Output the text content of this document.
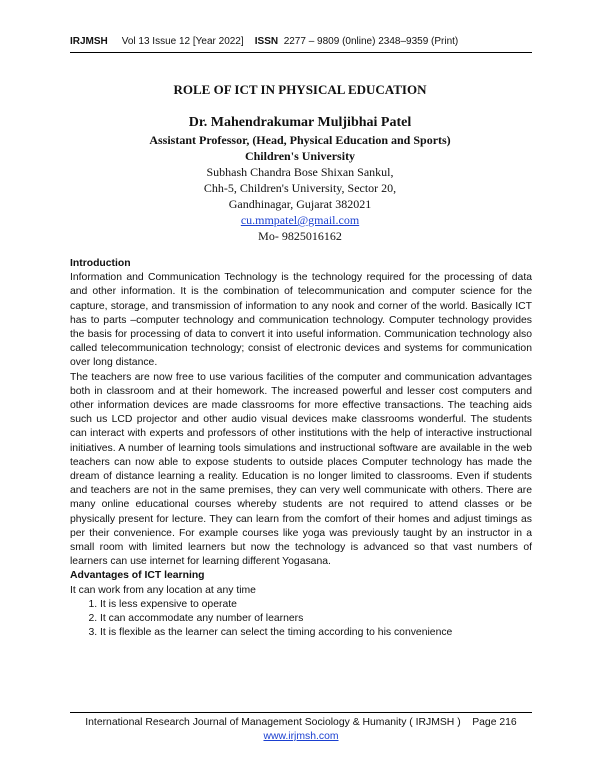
IRJMSH Vol 13 Issue 12 [Year 2022] ISSN 2277 – 9809 (0nline) 2348–9359 (Print)
ROLE OF ICT IN PHYSICAL EDUCATION
Dr. Mahendrakumar Muljibhai Patel
Assistant Professor, (Head, Physical Education and Sports)
Children's University
Subhash Chandra Bose Shixan Sankul,
Chh-5, Children's University, Sector 20,
Gandhinagar, Gujarat 382021
cu.mmpatel@gmail.com
Mo- 9825016162
Introduction

Information and Communication Technology is the technology required for the processing of data and other information. It is the combination of telecommunication and computer science for the capture, storage, and transmission of information to any nook and corner of the world. Basically ICT has to parts –computer technology and communication technology. Computer technology provides the basis for processing of data to convert it into useful information. Communication technology also called telecommunication technology; consist of electronic devices and systems for communication over long distance.

The teachers are now free to use various facilities of the computer and communication advantages both in classroom and at their homework. The increased powerful and lesser cost computers and other information devices are made classrooms for more effective transactions. The teaching aids such us LCD projector and other audio visual devices make classrooms wonderful. The students can interact with experts and professors of other institutions with the help of interactive instructional initiatives. A number of learning tools simulations and instructional software are available in the web teachers can now able to expose students to outside places Computer technology has made the dream of distance learning a reality. Education is no longer limited to classrooms. Even if students and teachers are not in the same premises, they can very well communicate with others. There are many online educational courses whereby students are not required to attend classes or be physically present for lecture. They can learn from the comfort of their homes and adjust timings as per their convenience. For example courses like yoga was previously taught by an instructor in a small room with limited learners but now the technology is advanced so that vast numbers of learners can use internet for learning different Yogasana.

Advantages of ICT learning
It can work from any location at any time
1. It is less expensive to operate
2. It can accommodate any number of learners
3. It is flexible as the learner can select the timing according to his convenience
International Research Journal of Management Sociology & Humanity ( IRJMSH ) Page 216
www.irjmsh.com
